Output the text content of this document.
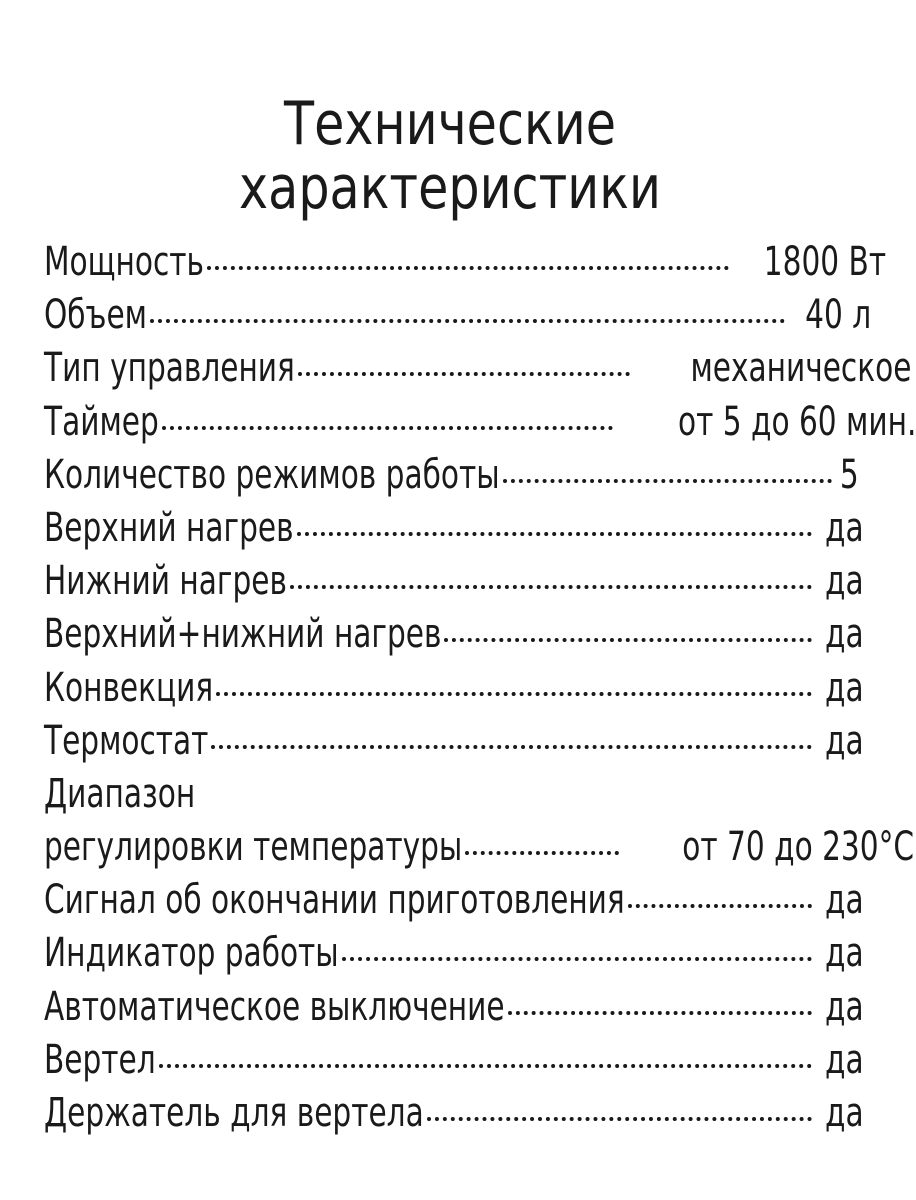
Технические
характеристики
Мощность	1800 Вт
Объем	40 л
Тип управления	механическое
Таймер	от 5 до 60 мин.
Количество режимов работы	5
Верхний нагрев	да
Нижний нагрев	да
Верхний+нижний нагрев	да
Конвекция	да
Термостат	да
Диапазон
регулировки температуры	от 70 до 230°С
Сигнал об окончании приготовления	да
Индикатор работы	да
Автоматическое выключение	да
Вертел	да
Держатель для вертела	да
